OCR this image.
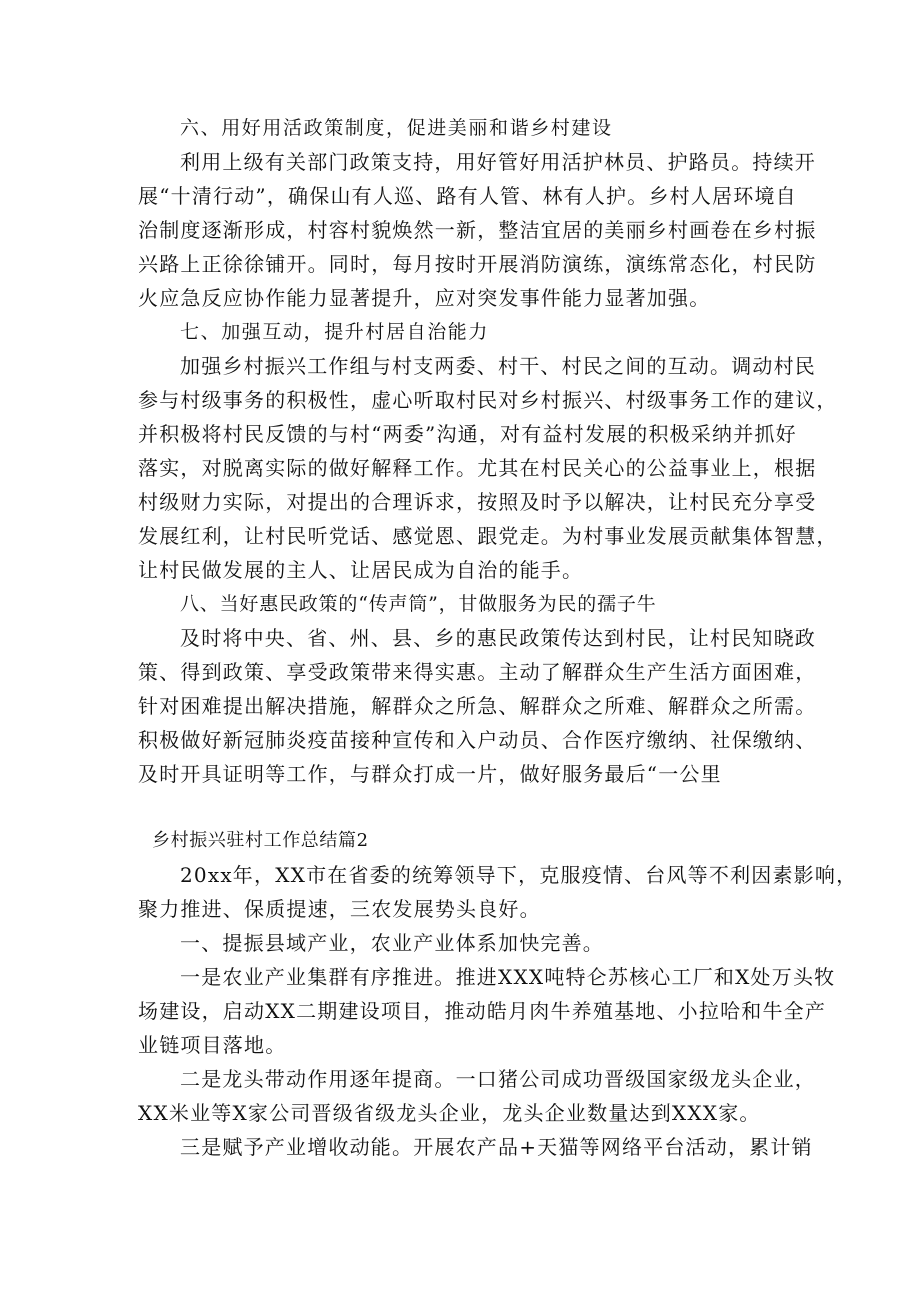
六、用好用活政策制度，促进美丽和谐乡村建设
利用上级有关部门政策支持，用好管好用活护林员、护路员。持续开
展“十清行动”，确保山有人巡、路有人管、林有人护。乡村人居环境自
治制度逐渐形成，村容村貌焕然一新，整洁宜居的美丽乡村画卷在乡村振
兴路上正徐徐铺开。同时，每月按时开展消防演练，演练常态化，村民防
火应急反应协作能力显著提升，应对突发事件能力显著加强。
七、加强互动，提升村居自治能力
加强乡村振兴工作组与村支两委、村干、村民之间的互动。调动村民
参与村级事务的积极性，虚心听取村民对乡村振兴、村级事务工作的建议，
并积极将村民反馈的与村“两委”沟通，对有益村发展的积极采纳并抓好
落实，对脱离实际的做好解释工作。尤其在村民关心的公益事业上，根据
村级财力实际，对提出的合理诉求，按照及时予以解决，让村民充分享受
发展红利，让村民听党话、感觉恩、跟党走。为村事业发展贡献集体智慧，
让村民做发展的主人、让居民成为自治的能手。
八、当好惠民政策的“传声筒”，甘做服务为民的孺子牛
及时将中央、省、州、县、乡的惠民政策传达到村民，让村民知晓政
策、得到政策、享受政策带来得实惠。主动了解群众生产生活方面困难，
针对困难提出解决措施，解群众之所急、解群众之所难、解群众之所需。
积极做好新冠肺炎疫苗接种宣传和入户动员、合作医疗缴纳、社保缴纳、
及时开具证明等工作，与群众打成一片，做好服务最后“一公里
乡村振兴驻村工作总结篇2
20xx年，XX市在省委的统筹领导下，克服疫情、台风等不利因素影响，
聚力推进、保质提速，三农发展势头良好。
一、提振县域产业，农业产业体系加快完善。
一是农业产业集群有序推进。推进XXX吨特仑苏核心工厂和X处万头牧
场建设，启动XX二期建设项目，推动皓月肉牛养殖基地、小拉哈和牛全产
业链项目落地。
二是龙头带动作用逐年提商。一口猪公司成功晋级国家级龙头企业，
XX米业等X家公司晋级省级龙头企业，龙头企业数量达到XXX家。
三是赋予产业增收动能。开展农产品+天猫等网络平台活动，累计销
